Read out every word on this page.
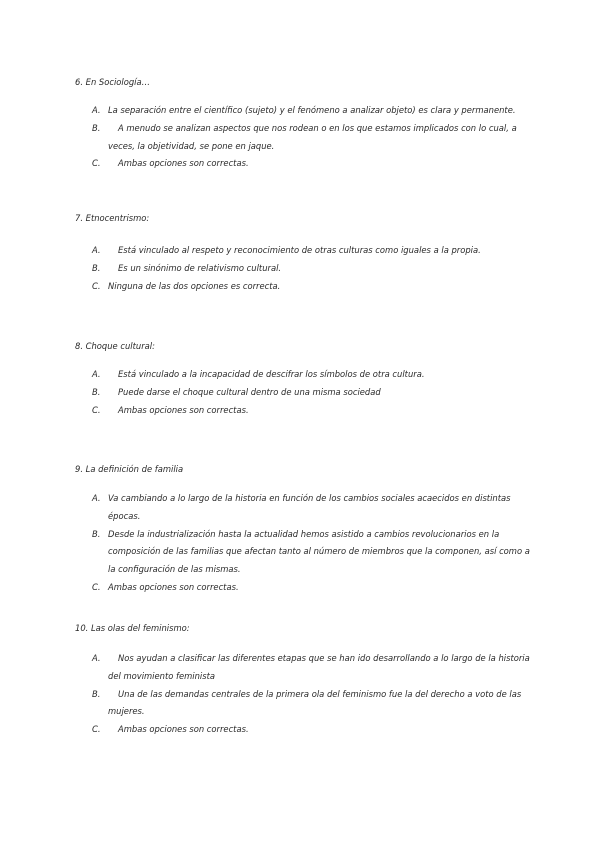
6. En Sociología…
A. La separación entre el científico (sujeto) y el fenómeno a analizar objeto) es clara y permanente.
B. A menudo se analizan aspectos que nos rodean o en los que estamos implicados con lo cual, a veces, la objetividad, se pone en jaque.
C. Ambas opciones son correctas.
7. Etnocentrismo:
A. Está vinculado al respeto y reconocimiento de otras culturas como iguales a la propia.
B. Es un sinónimo de relativismo cultural.
C. Ninguna de las dos opciones es correcta.
8. Choque cultural:
A. Está vinculado a la incapacidad de descifrar los símbolos de otra cultura.
B. Puede darse el choque cultural dentro de una misma sociedad
C. Ambas opciones son correctas.
9. La definición de familia
A. Va cambiando a lo largo de la historia en función de los cambios sociales acaecidos en distintas épocas.
B. Desde la industrialización hasta la actualidad hemos asistido a cambios revolucionarios en la composición de las familias que afectan tanto al número de miembros que la componen, así como a la configuración de las mismas.
C. Ambas opciones son correctas.
10. Las olas del feminismo:
A. Nos ayudan a clasificar las diferentes etapas que se han ido desarrollando a lo largo de la historia del movimiento feminista
B. Una de las demandas centrales de la primera ola del feminismo fue la del derecho a voto de las mujeres.
C. Ambas opciones son correctas.
